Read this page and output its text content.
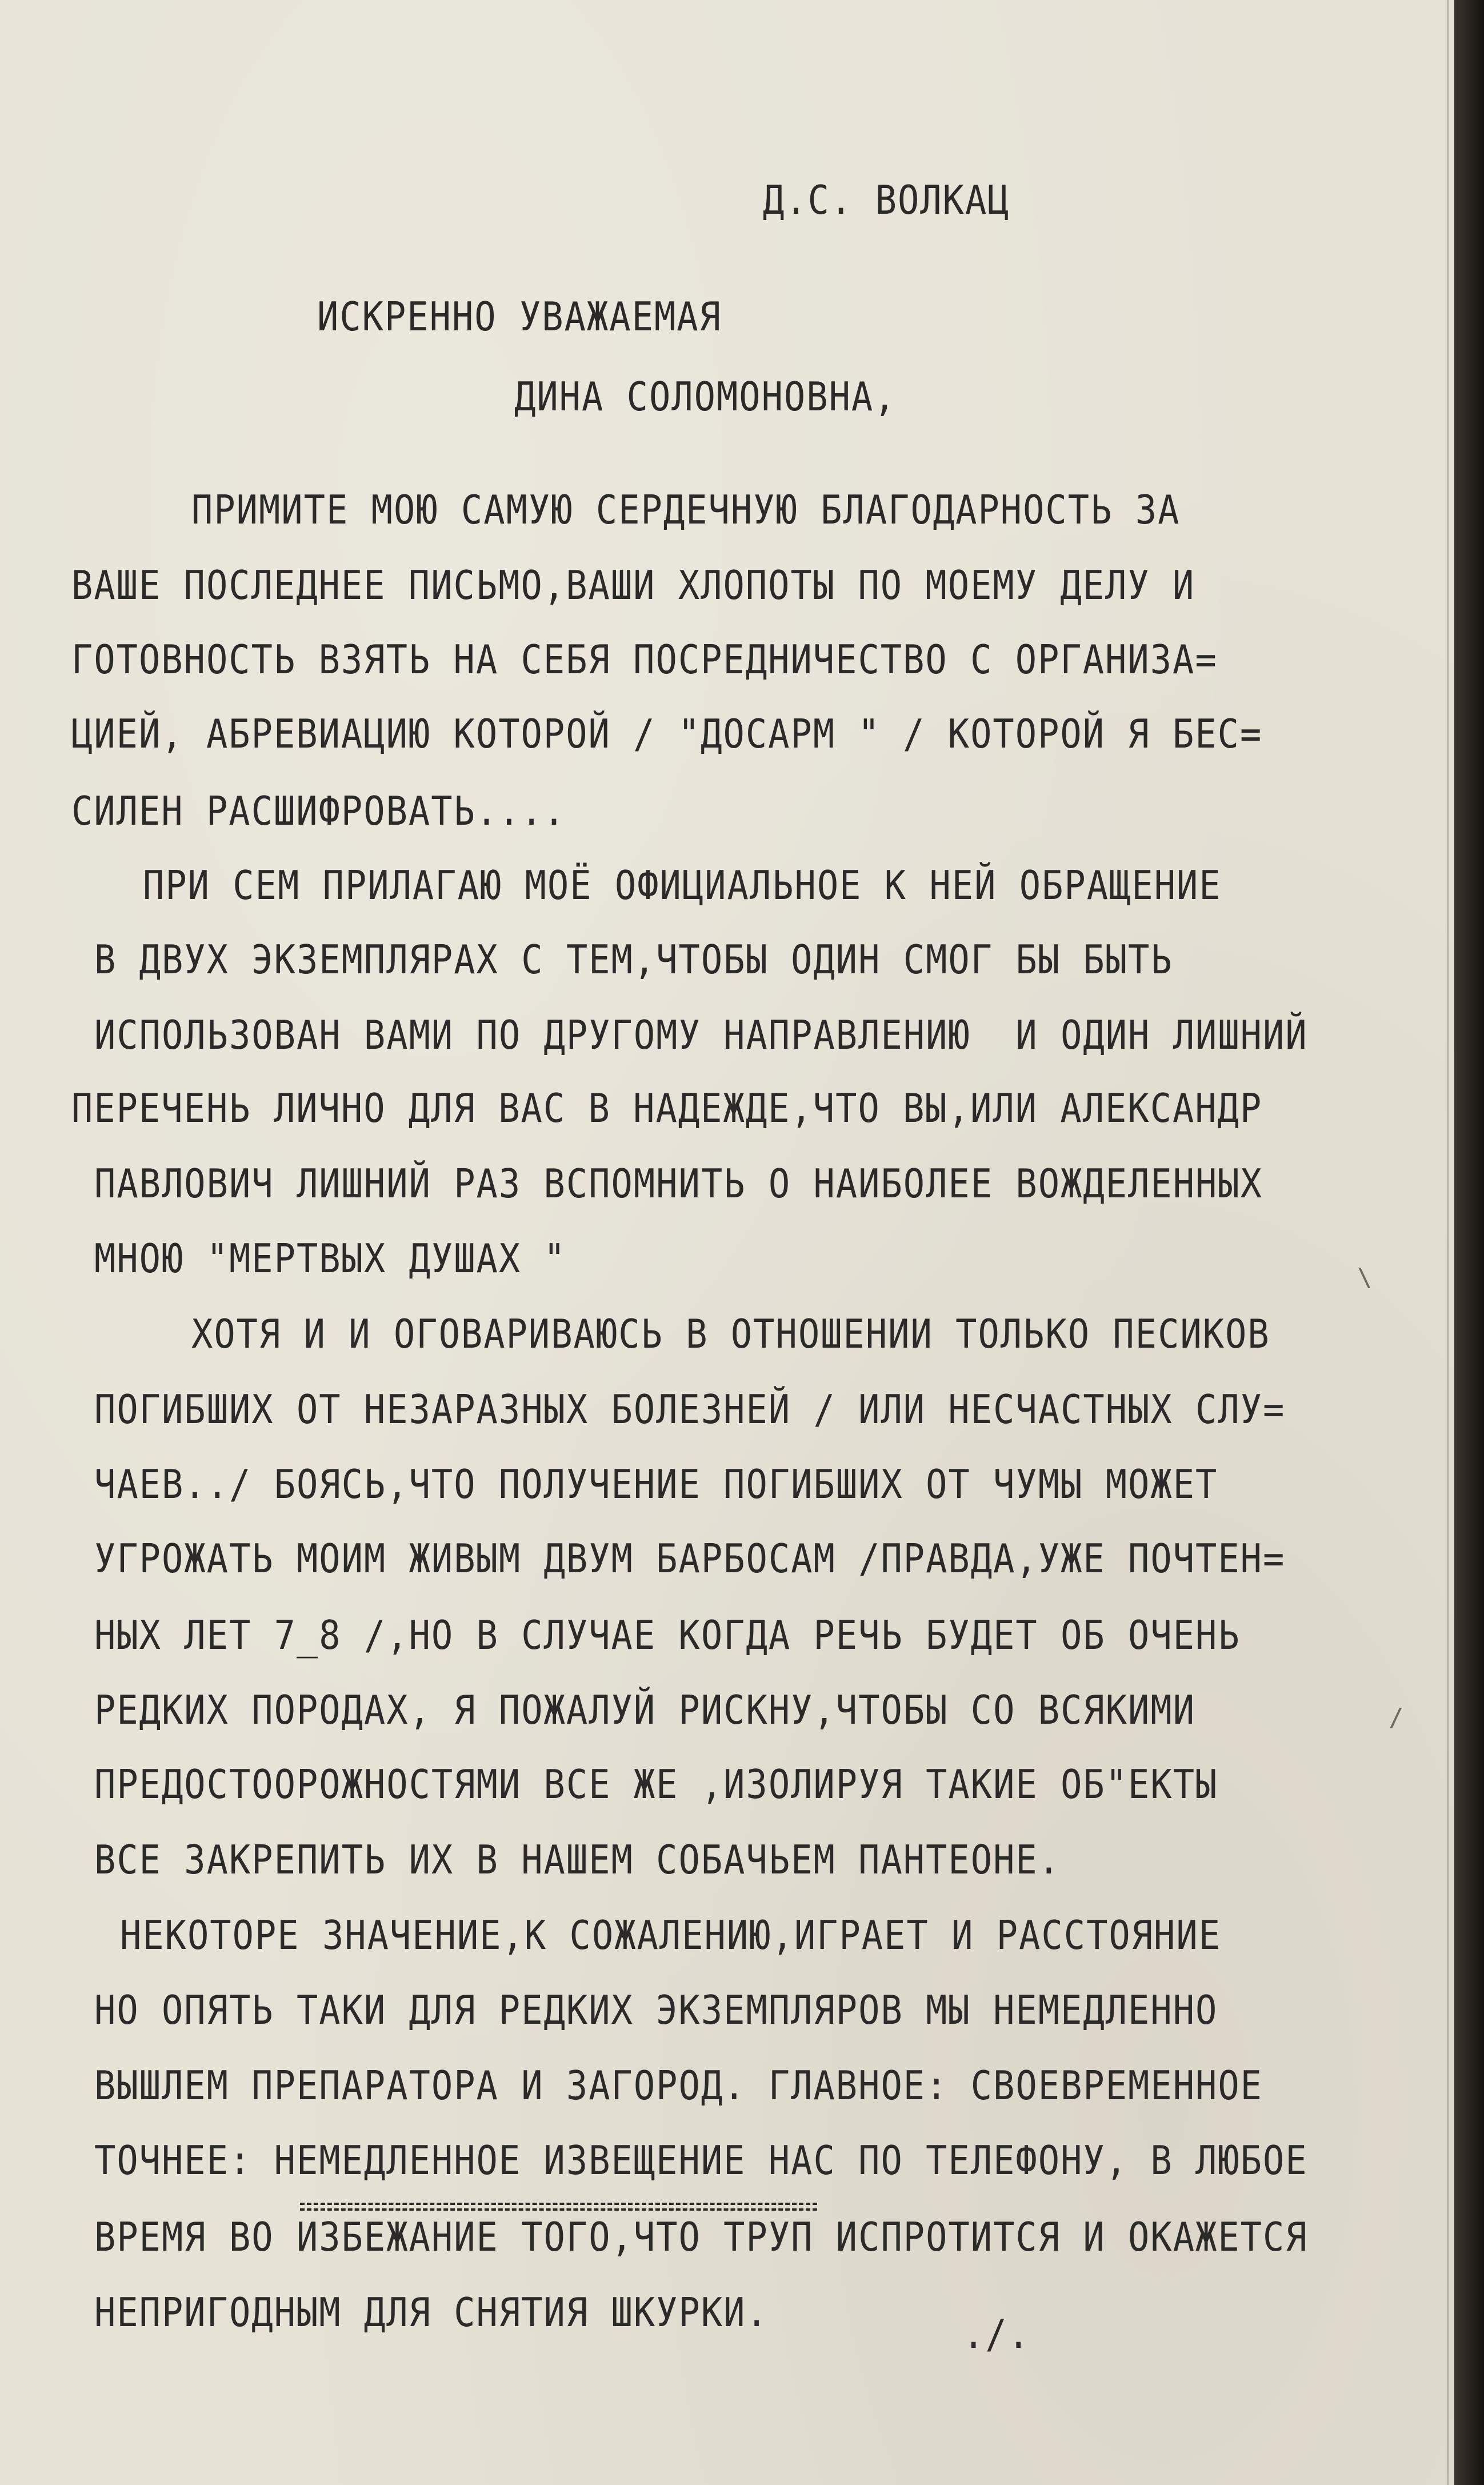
Д.С. ВОЛКАЦ

ИСКРЕННО УВАЖАЕМАЯ

ДИНА СОЛОМОНОВНА,

ПРИМИТЕ МОЮ САМУЮ СЕРДЕЧНУЮ БЛАГОДАРНОСТЬ ЗА

ВАШЕ ПОСЛЕДНЕЕ ПИСЬМО,ВАШИ ХЛОПОТЫ ПО МОЕМУ ДЕЛУ И

ГОТОВНОСТЬ ВЗЯТЬ НА СЕБЯ ПОСРЕДНИЧЕСТВО С ОРГАНИЗА=

ЦИЕЙ, АБРЕВИАЦИЮ КОТОРОЙ / "ДОСАРМ " / КОТОРОЙ Я БЕС=

СИЛЕН РАСШИФРОВАТЬ....

ПРИ СЕМ ПРИЛАГАЮ МОЁ ОФИЦИАЛЬНОЕ К НЕЙ ОБРАЩЕНИЕ

В ДВУХ ЭКЗЕМПЛЯРАХ С ТЕМ,ЧТОБЫ ОДИН СМОГ БЫ БЫТЬ

ИСПОЛЬЗОВАН ВАМИ ПО ДРУГОМУ НАПРАВЛЕНИЮ  И ОДИН ЛИШНИЙ

ПЕРЕЧЕНЬ ЛИЧНО ДЛЯ ВАС В НАДЕЖДЕ,ЧТО ВЫ,ИЛИ АЛЕКСАНДР

ПАВЛОВИЧ ЛИШНИЙ РАЗ ВСПОМНИТЬ О НАИБОЛЕЕ ВОЖДЕЛЕННЫХ

МНОЮ "МЕРТВЫХ ДУШАХ "

ХОТЯ И И ОГОВАРИВАЮСЬ В ОТНОШЕНИИ ТОЛЬКО ПЕСИКОВ

ПОГИБШИХ ОТ НЕЗАРАЗНЫХ БОЛЕЗНЕЙ / ИЛИ НЕСЧАСТНЫХ СЛУ=

ЧАЕВ../ БОЯСЬ,ЧТО ПОЛУЧЕНИЕ ПОГИБШИХ ОТ ЧУМЫ МОЖЕТ

УГРОЖАТЬ МОИМ ЖИВЫМ ДВУМ БАРБОСАМ /ПРАВДА,УЖЕ ПОЧТЕН=

НЫХ ЛЕТ 7_8 /,НО В СЛУЧАЕ КОГДА РЕЧЬ БУДЕТ ОБ ОЧЕНЬ

РЕДКИХ ПОРОДАХ, Я ПОЖАЛУЙ РИСКНУ,ЧТОБЫ СО ВСЯКИМИ

ПРЕДОСТООРОЖНОСТЯМИ ВСЕ ЖЕ ,ИЗОЛИРУЯ ТАКИЕ ОБ"ЕКТЫ

ВСЕ ЗАКРЕПИТЬ ИХ В НАШЕМ СОБАЧЬЕМ ПАНТЕОНЕ.

НЕКОТОРЕ ЗНАЧЕНИЕ,К СОЖАЛЕНИЮ,ИГРАЕТ И РАССТОЯНИЕ

НО ОПЯТЬ ТАКИ ДЛЯ РЕДКИХ ЭКЗЕМПЛЯРОВ МЫ НЕМЕДЛЕННО

ВЫШЛЕМ ПРЕПАРАТОРА И ЗАГОРОД. ГЛАВНОЕ: СВОЕВРЕМЕННОЕ

ТОЧНЕЕ: НЕМЕДЛЕННОЕ ИЗВЕЩЕНИЕ НАС ПО ТЕЛЕФОНУ, В ЛЮБОЕ

ВРЕМЯ ВО ИЗБЕЖАНИЕ ТОГО,ЧТО ТРУП ИСПРОТИТСЯ И ОКАЖЕТСЯ

НЕПРИГОДНЫМ ДЛЯ СНЯТИЯ ШКУРКИ.

	./.

\
/
